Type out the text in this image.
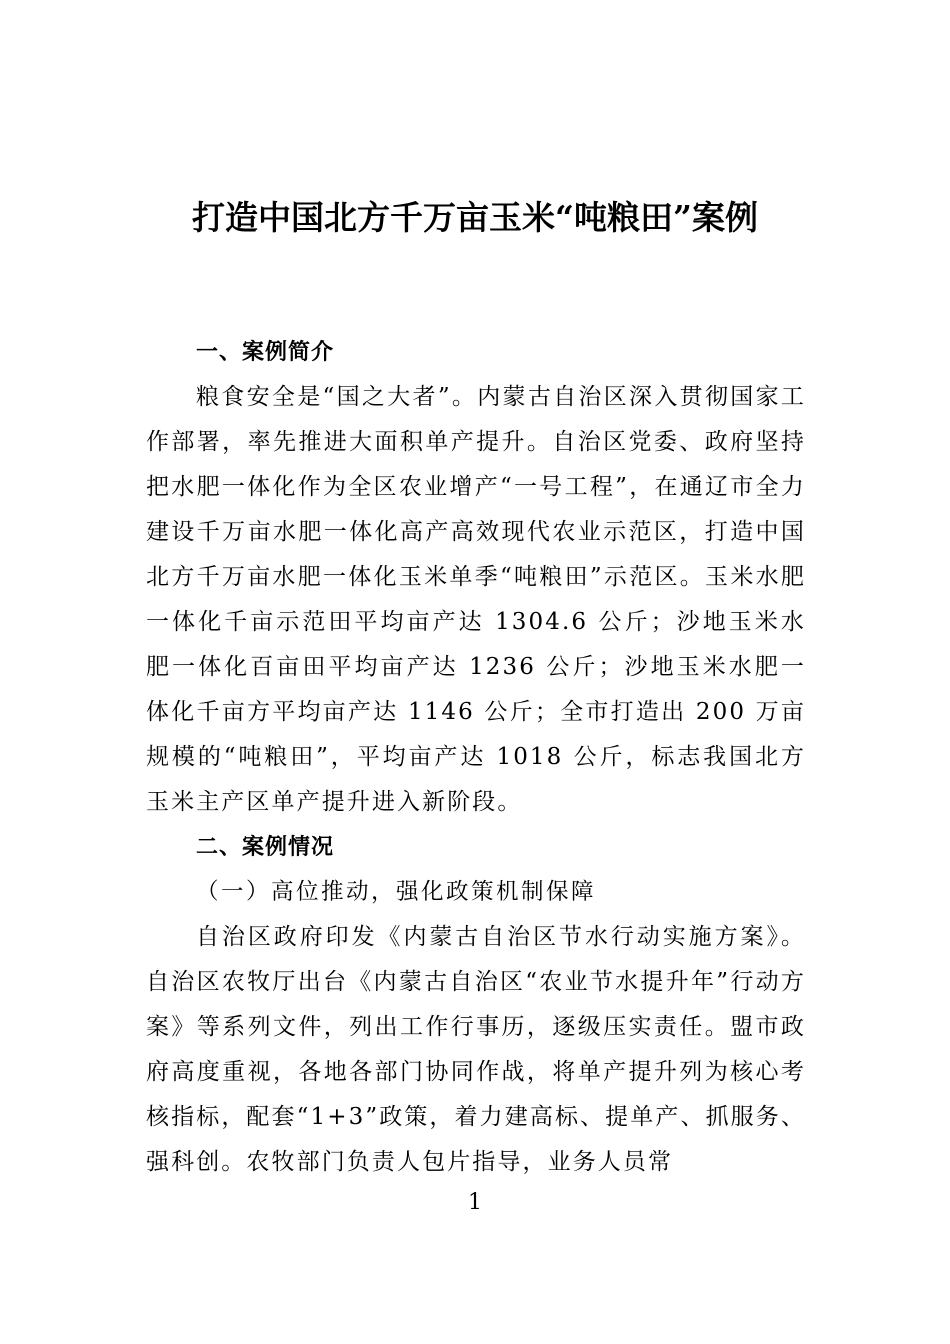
打造中国北方千万亩玉米“吨粮田”案例

一、案例简介

粮食安全是“国之大者”。内蒙古自治区深入贯彻国家工作部署，率先推进大面积单产提升。自治区党委、政府坚持把水肥一体化作为全区农业增产“一号工程”，在通辽市全力建设千万亩水肥一体化高产高效现代农业示范区，打造中国北方千万亩水肥一体化玉米单季“吨粮田”示范区。玉米水肥一体化千亩示范田平均亩产达 1304.6 公斤；沙地玉米水肥一体化百亩田平均亩产达 1236 公斤；沙地玉米水肥一体化千亩方平均亩产达 1146 公斤；全市打造出 200 万亩规模的“吨粮田”，平均亩产达 1018 公斤，标志我国北方玉米主产区单产提升进入新阶段。

二、案例情况

（一）高位推动，强化政策机制保障

自治区政府印发《内蒙古自治区节水行动实施方案》。自治区农牧厅出台《内蒙古自治区“农业节水提升年”行动方案》等系列文件，列出工作行事历，逐级压实责任。盟市政府高度重视，各地各部门协同作战，将单产提升列为核心考核指标，配套“1+3”政策，着力建高标、提单产、抓服务、强科创。农牧部门负责人包片指导，业务人员常

1
